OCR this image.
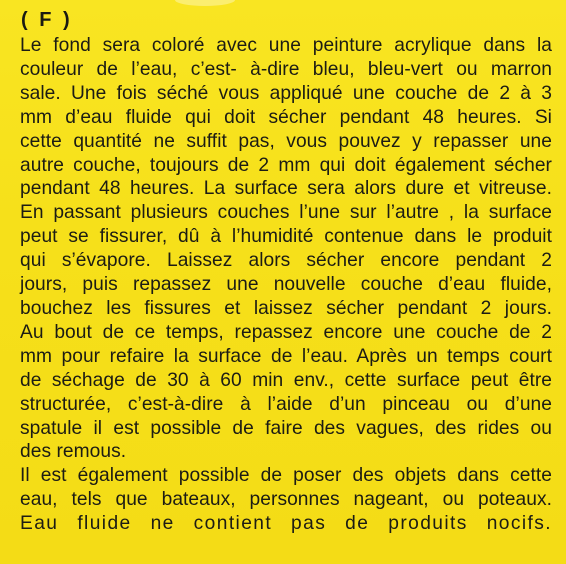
( F )
Le fond sera coloré avec une peinture acrylique dans la
couleur de l’eau, c’est- à-dire bleu, bleu-vert ou marron
sale. Une fois séché vous appliqué une couche de 2 à 3
mm d’eau fluide qui doit sécher pendant 48 heures. Si
cette quantité ne suffit pas, vous pouvez y repasser une
autre couche, toujours de 2 mm qui doit également sécher
pendant 48 heures. La surface sera alors dure et vitreuse.
En passant plusieurs couches l’une sur l’autre , la surface
peut se fissurer, dû à l’humidité contenue dans le produit
qui s’évapore. Laissez alors sécher encore pendant 2
jours, puis repassez une nouvelle couche d’eau fluide,
bouchez les fissures et laissez sécher pendant 2 jours.
Au bout de ce temps, repassez encore une couche de 2
mm pour refaire la surface de l’eau. Après un temps court
de séchage de 30 à 60 min env., cette surface peut être
structurée, c’est-à-dire à l’aide d’un pinceau ou d’une
spatule il est possible de faire des vagues, des rides ou
des remous.
Il est également possible de poser des objets dans cette
eau, tels que bateaux, personnes nageant, ou poteaux.
Eau fluide ne contient pas de produits nocifs.
